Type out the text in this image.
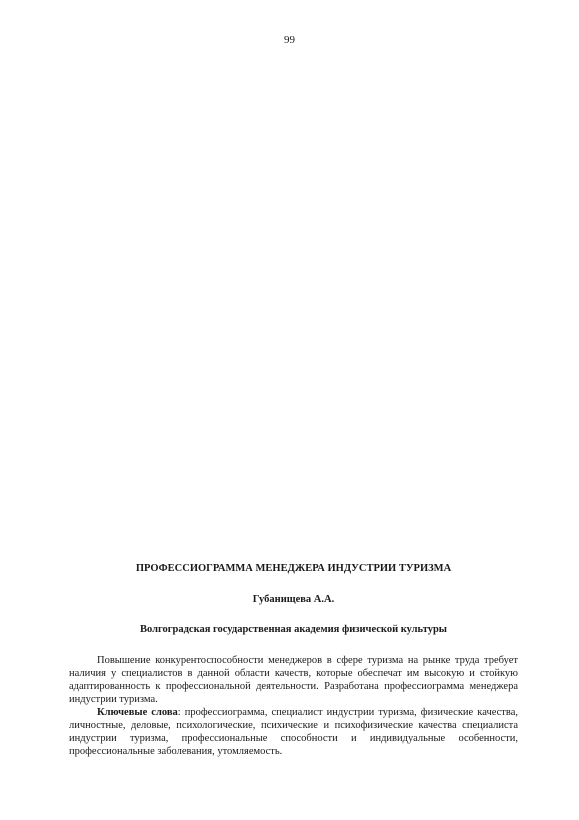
99

ПРОФЕССИОГРАММА МЕНЕДЖЕРА ИНДУСТРИИ ТУРИЗМА

Губанищева А.А.

Волгоградская государственная академия физической культуры

Повышение конкурентоспособности менеджеров в сфере туризма на рынке труда требует наличия у специалистов в данной области качеств, которые обеспечат им высокую и стойкую адаптированность к профессиональной деятельности. Разработана профессиограмма менеджера индустрии туризма.

Ключевые слова: профессиограмма, специалист индустрии туризма, физические качества, личностные, деловые, психологические, психические и психофизические качества специалиста индустрии туризма, профессиональные способности и индивидуальные особенности, профессиональные заболевания, утомляемость.
